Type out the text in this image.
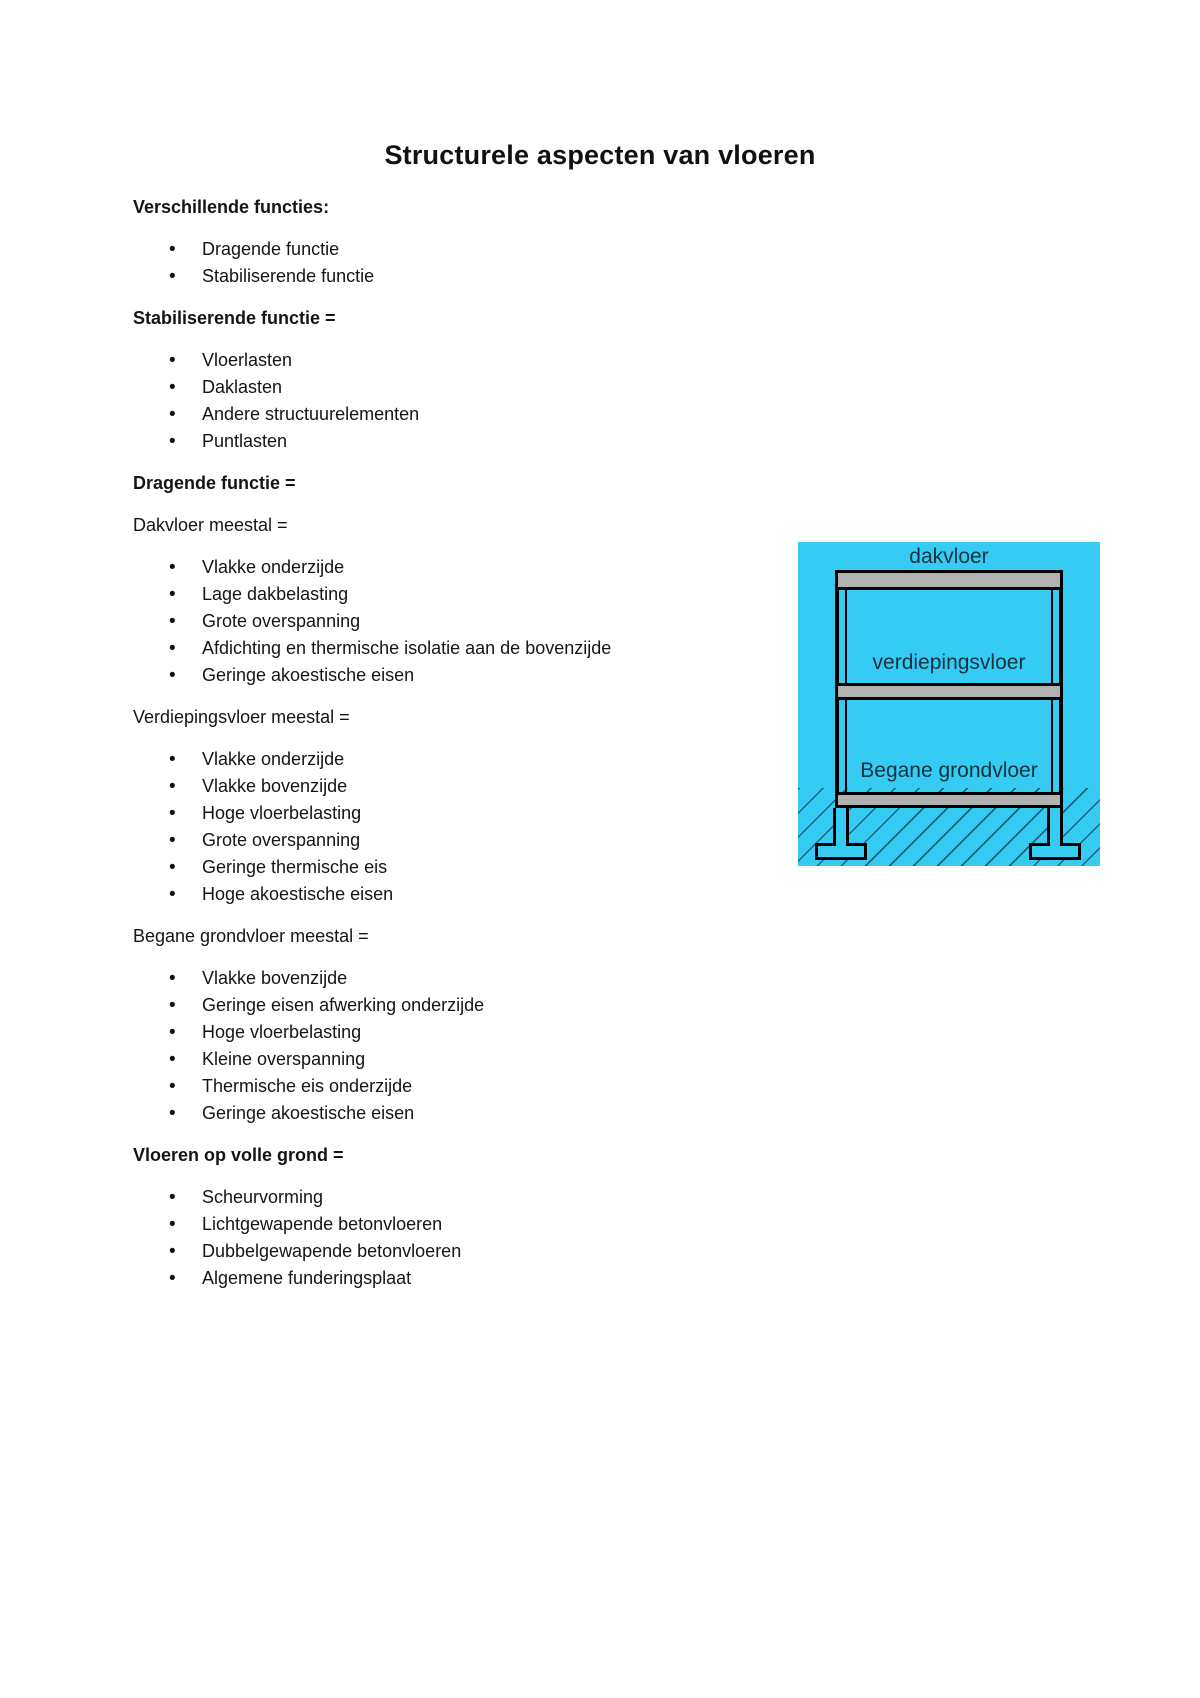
Structurele aspecten van vloeren

Verschillende functies:

• Dragende functie
• Stabiliserende functie

Stabiliserende functie =

• Vloerlasten
• Daklasten
• Andere structuurelementen
• Puntlasten

Dragende functie =

Dakvloer meestal =

• Vlakke onderzijde
• Lage dakbelasting
• Grote overspanning
• Afdichting en thermische isolatie aan de bovenzijde
• Geringe akoestische eisen

Verdiepingsvloer meestal =

• Vlakke onderzijde
• Vlakke bovenzijde
• Hoge vloerbelasting
• Grote overspanning
• Geringe thermische eis
• Hoge akoestische eisen

Begane grondvloer meestal =

• Vlakke bovenzijde
• Geringe eisen afwerking onderzijde
• Hoge vloerbelasting
• Kleine overspanning
• Thermische eis onderzijde
• Geringe akoestische eisen

Vloeren op volle grond =

• Scheurvorming
• Lichtgewapende betonvloeren
• Dubbelgewapende betonvloeren
• Algemene funderingsplaat
dakvloer
verdiepingsvloer
Begane grondvloer
